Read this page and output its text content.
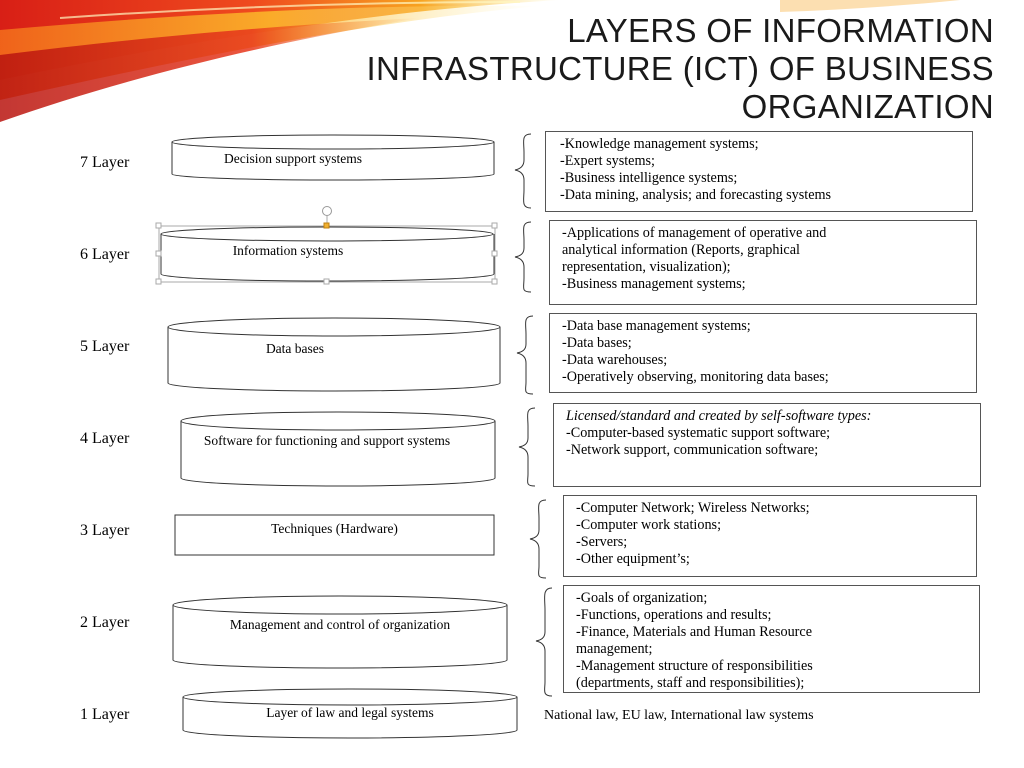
LAYERS OF INFORMATION
INFRASTRUCTURE (ICT) OF BUSINESS
ORGANIZATION
7 Layer
6 Layer
5 Layer
4 Layer
3 Layer
2 Layer
1 Layer
Decision support systems
Information systems
Data bases
Software for functioning and support systems
Techniques (Hardware)
Management and control of organization
Layer of law and legal systems
-Knowledge management systems;
-Expert systems;
-Business intelligence systems;
-Data mining, analysis; and forecasting systems
-Applications of management of operative and
analytical information (Reports, graphical
representation, visualization);
-Business management systems;
-Data base management systems;
-Data bases;
-Data warehouses;
-Operatively observing, monitoring data bases;
Licensed/standard and created by self-software types:
-Computer-based systematic support software;
-Network support, communication software;
-Computer Network; Wireless Networks;
-Computer work stations;
-Servers;
-Other equipment’s;
-Goals of organization;
-Functions, operations and results;
-Finance, Materials and Human Resource
management;
-Management structure of responsibilities
(departments, staff and responsibilities);
National law, EU law, International law systems
